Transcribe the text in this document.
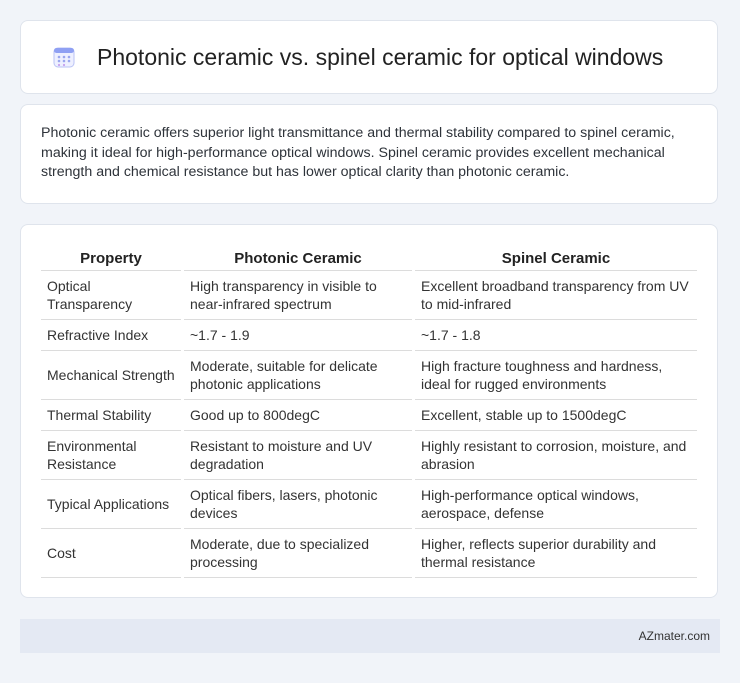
Photonic ceramic vs. spinel ceramic for optical windows

Photonic ceramic offers superior light transmittance and thermal stability compared to spinel ceramic, making it ideal for high-performance optical windows. Spinel ceramic provides excellent mechanical strength and chemical resistance but has lower optical clarity than photonic ceramic.

Property	Photonic Ceramic	Spinel Ceramic
Optical Transparency	High transparency in visible to near-infrared spectrum	Excellent broadband transparency from UV to mid-infrared
Refractive Index	~1.7 - 1.9	~1.7 - 1.8
Mechanical Strength	Moderate, suitable for delicate photonic applications	High fracture toughness and hardness, ideal for rugged environments
Thermal Stability	Good up to 800degC	Excellent, stable up to 1500degC
Environmental Resistance	Resistant to moisture and UV degradation	Highly resistant to corrosion, moisture, and abrasion
Typical Applications	Optical fibers, lasers, photonic devices	High-performance optical windows, aerospace, defense
Cost	Moderate, due to specialized processing	Higher, reflects superior durability and thermal resistance
AZmater.com
